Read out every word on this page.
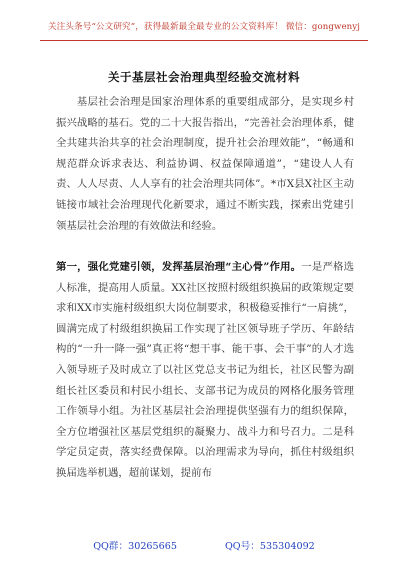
关注头条号“公文研究”，获得最新最全最专业的公文资料库！ 微信：gongwenyj
关于基层社会治理典型经验交流材料

基层社会治理是国家治理体系的重要组成部分，是实现乡村振兴战略的基石。党的二十大报告指出，“完善社会治理体系，健全共建共治共享的社会治理制度，提升社会治理效能”，“畅通和规范群众诉求表达、利益协调、权益保障通道”，“建设人人有责、人人尽责、人人享有的社会治理共同体”。*市X县X社区主动链接市域社会治理现代化新要求，通过不断实践，探索出党建引领基层社会治理的有效做法和经验。

第一，强化党建引领，发挥基层治理“主心骨”作用。一是严格选人标准，提高用人质量。XX社区按照村级组织换届的政策规定要求和XX市实施村级组织大岗位制要求，积极稳妥推行“一肩挑”，圆满完成了村级组织换届工作实现了社区领导班子学历、年龄结构的“一升一降一强”真正将“想干事、能干事、会干事”的人才选入领导班子及时成立了以社区党总支书记为组长，社区民警为副组长社区委员和村民小组长、支部书记为成员的网格化服务管理工作领导小组。为社区基层社会治理提供坚强有力的组织保障，全方位增强社区基层党组织的凝聚力、战斗力和号召力。二是科学定员定责，落实经费保障。以治理需求为导向，抓住村级组织换届选举机遇，超前谋划，提前布

QQ群：30265665	QQ号：535304092
